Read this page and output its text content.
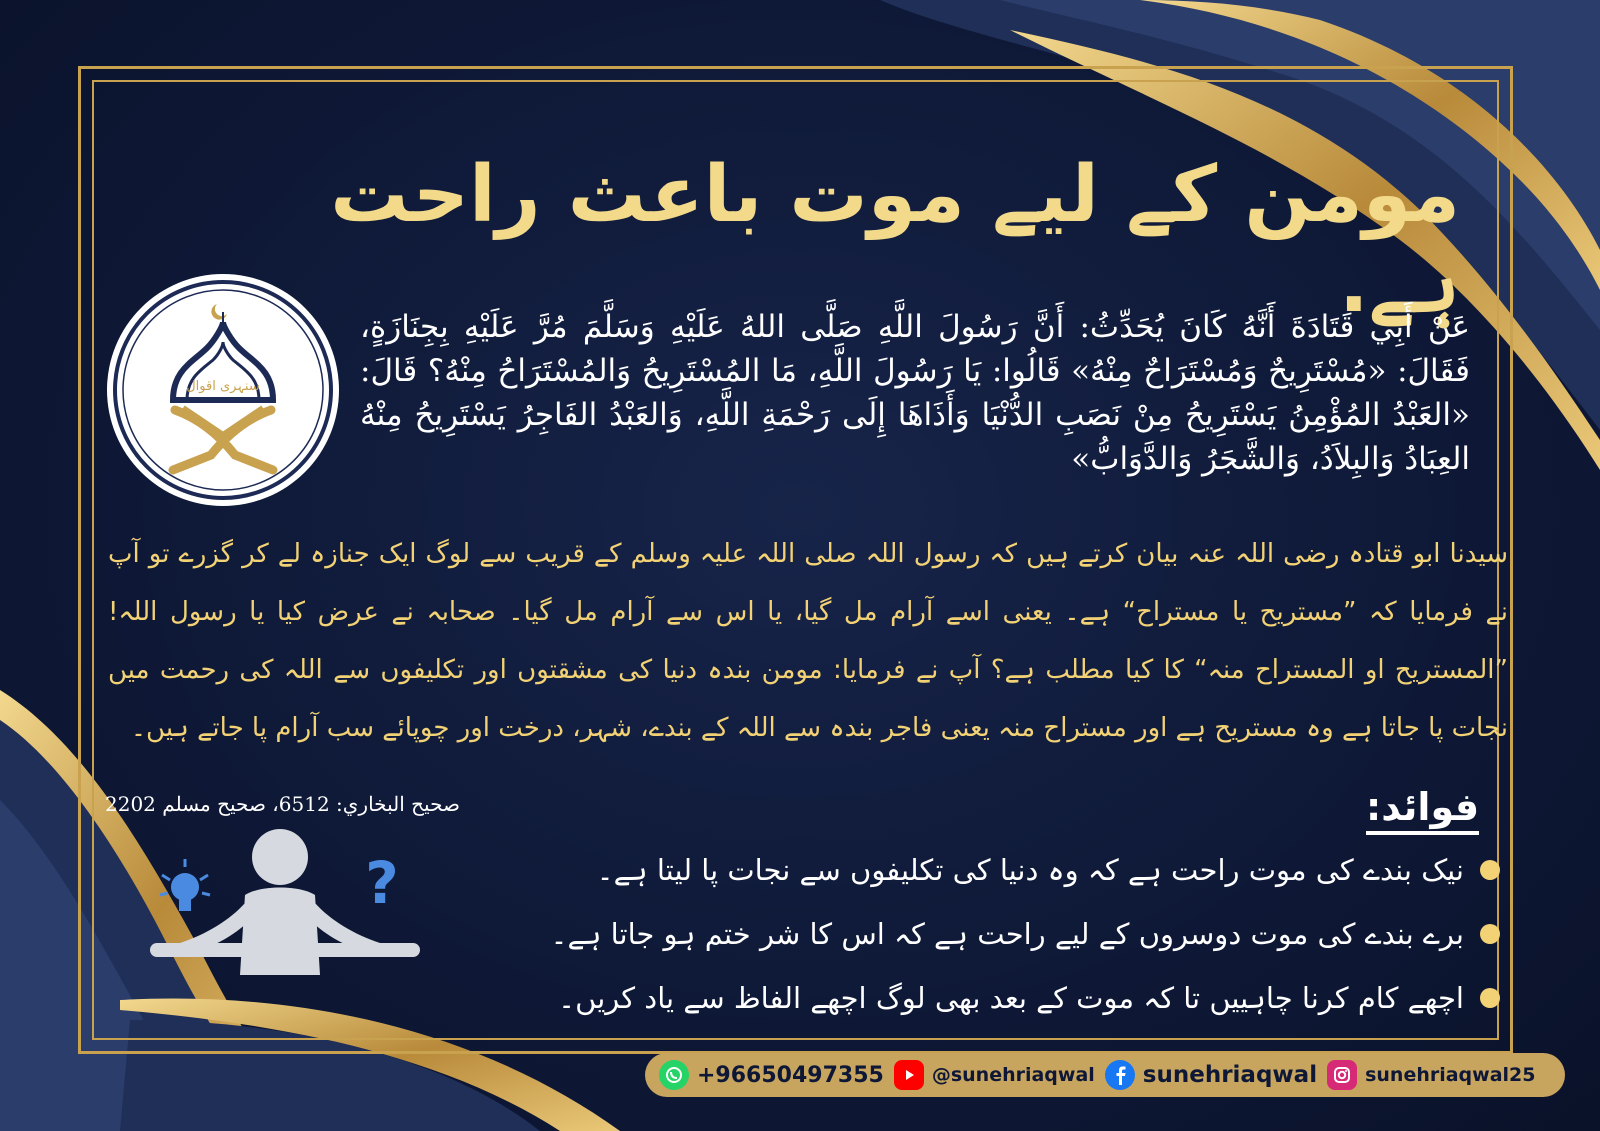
مومن کے لیے موت باعث راحت ہے.
سنہری اقوال
عَنْ أَبِي قَتَادَةَ أَنَّهُ كَانَ يُحَدِّثُ: أَنَّ رَسُولَ اللَّهِ صَلَّى اللهُ عَلَيْهِ وَسَلَّمَ مُرَّ عَلَيْهِ بِجِنَازَةٍ، فَقَالَ: «مُسْتَرِيحٌ وَمُسْتَرَاحٌ مِنْهُ» قَالُوا: يَا رَسُولَ اللَّهِ، مَا المُسْتَرِيحُ وَالمُسْتَرَاحُ مِنْهُ؟ قَالَ: «العَبْدُ المُؤْمِنُ يَسْتَرِيحُ مِنْ نَصَبِ الدُّنْيَا وَأَذَاهَا إِلَى رَحْمَةِ اللَّهِ، وَالعَبْدُ الفَاجِرُ يَسْتَرِيحُ مِنْهُ العِبَادُ وَالبِلاَدُ، وَالشَّجَرُ وَالدَّوَابُّ»
سیدنا ابو قتادہ رضی اللہ عنہ بیان کرتے ہیں کہ رسول اللہ صلی اللہ علیہ وسلم کے قریب سے لوگ ایک جنازہ لے کر گزرے تو آپ نے فرمایا کہ ”مستریح یا مستراح“ ہے۔ یعنی اسے آرام مل گیا، یا اس سے آرام مل گیا۔ صحابہ نے عرض کیا یا رسول اللہ! ”المستریح او المستراح منہ“ کا کیا مطلب ہے؟ آپ نے فرمایا: مومن بندہ دنیا کی مشقتوں اور تکلیفوں سے اللہ کی رحمت میں نجات پا جاتا ہے وہ مستریح ہے اور مستراح منہ یعنی فاجر بندہ سے اللہ کے بندے، شہر، درخت اور چوپائے سب آرام پا جاتے ہیں۔
صحیح البخاري: 6512، صحیح مسلم 2202	فوائد:
نیک بندے کی موت راحت ہے کہ وہ دنیا کی تکلیفوں سے نجات پا لیتا ہے۔
برے بندے کی موت دوسروں کے لیے راحت ہے کہ اس کا شر ختم ہو جاتا ہے۔
اچھے کام کرنا چاہییں تا کہ موت کے بعد بھی لوگ اچھے الفاظ سے یاد کریں۔
?
+96650497355	@sunehriaqwal sunehriaqwal	sunehriaqwal25
